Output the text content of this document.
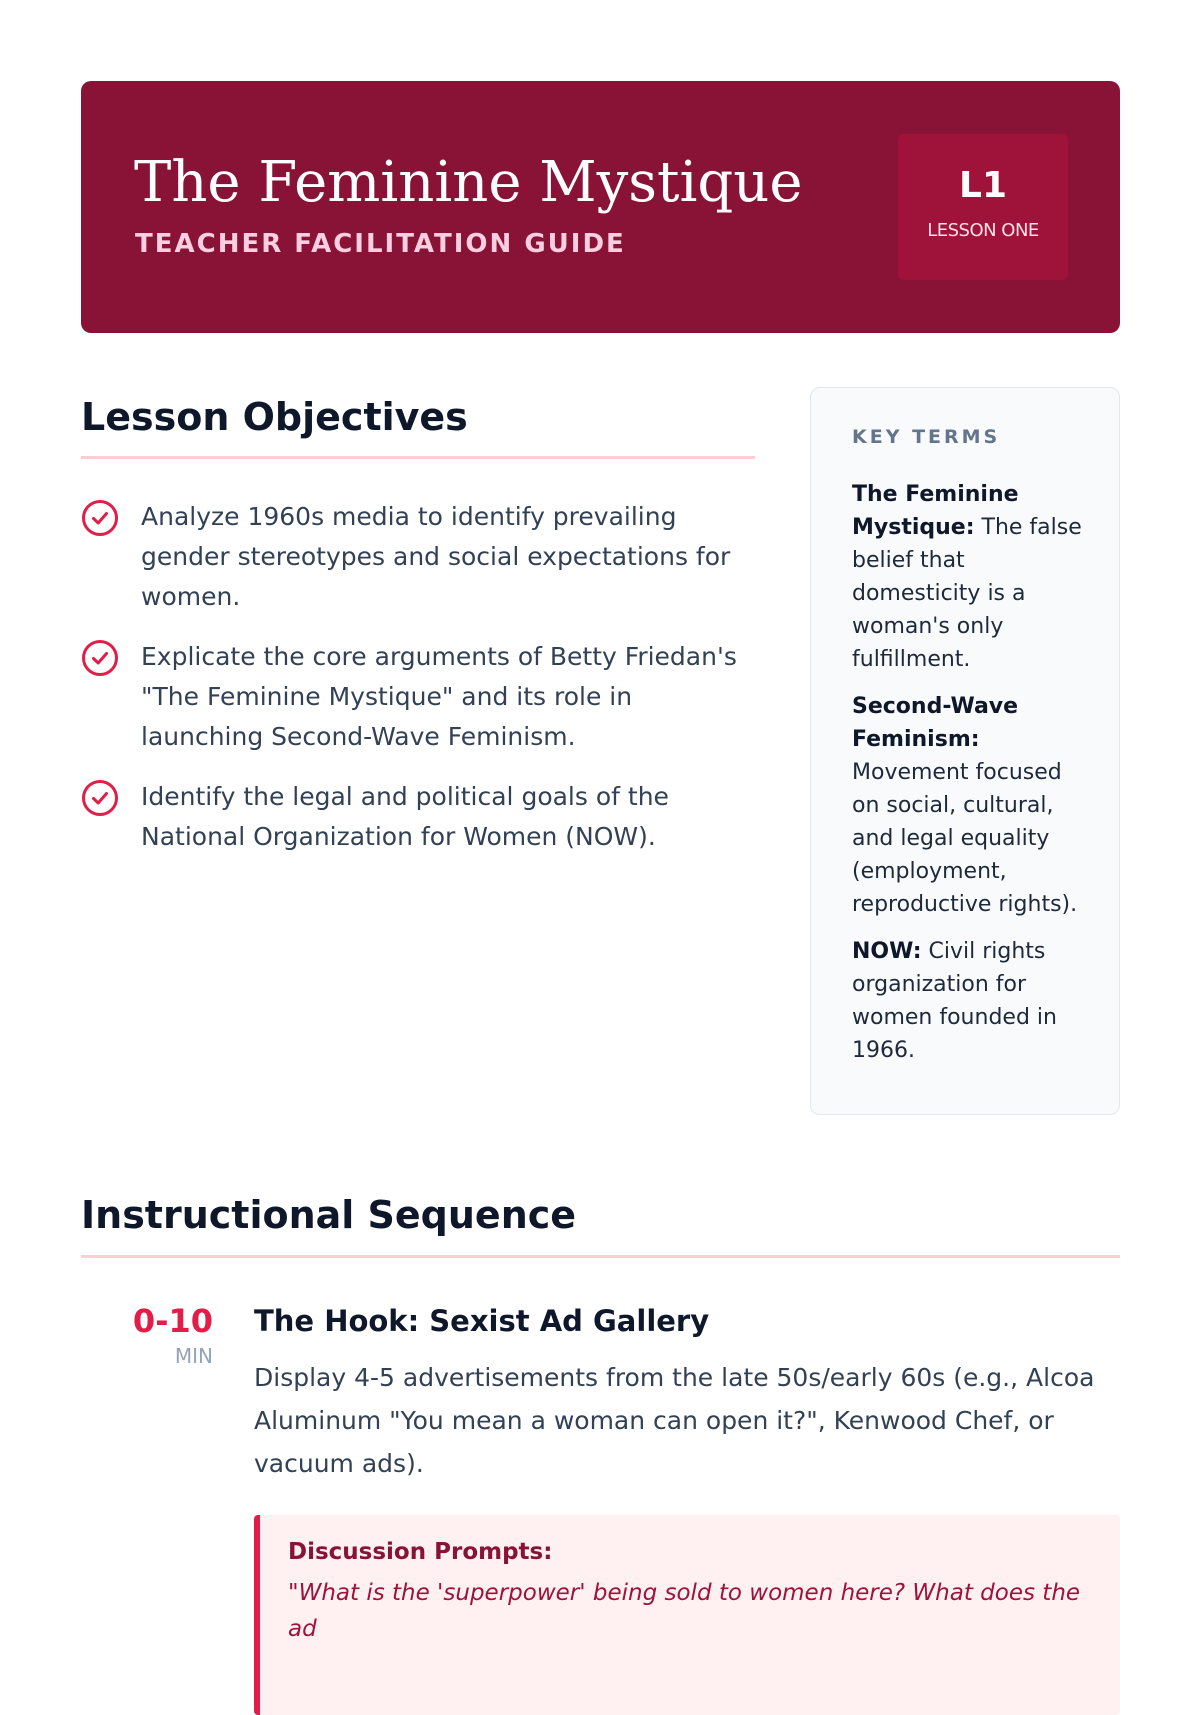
The Feminine Mystique
TEACHER FACILITATION GUIDE
L1
LESSON ONE
Lesson Objectives
Analyze 1960s media to identify prevailing gender stereotypes and social expectations for women.
Explicate the core arguments of Betty Friedan's "The Feminine Mystique" and its role in launching Second-Wave Feminism.
Identify the legal and political goals of the National Organization for Women (NOW).
KEY TERMS
The Feminine Mystique: The false belief that domesticity is a woman's only fulfillment.
Second-Wave Feminism: Movement focused on social, cultural, and legal equality (employment, reproductive rights).
NOW: Civil rights organization for women founded in 1966.
Instructional Sequence
0-10
MIN
The Hook: Sexist Ad Gallery

Display 4-5 advertisements from the late 50s/early 60s (e.g., Alcoa Aluminum "You mean a woman can open it?", Kenwood Chef, or vacuum ads).

Discussion Prompts:

"What is the 'superpower' being sold to women here? What does the ad
